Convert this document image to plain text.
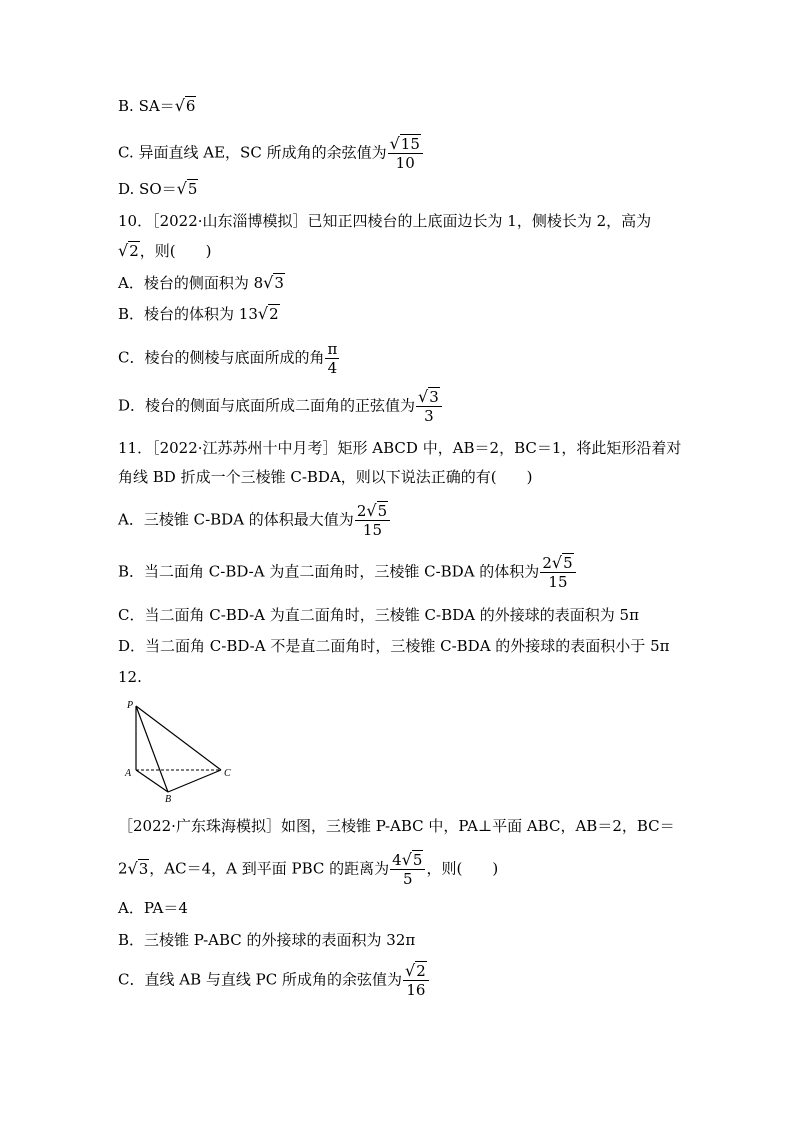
B. SA＝√6
C. 异面直线 AE，SC 所成角的余弦值为 $\frac{√15}{10}$
D. SO＝√5
10．［2022·山东淄博模拟］已知正四棱台的上底面边长为 1，侧棱长为 2，高为
√2，则(　　)
A．棱台的侧面积为 8√3
B．棱台的体积为 13√2
C．棱台的侧棱与底面所成的角 $\frac{\pi}{4}$
D．棱台的侧面与底面所成二面角的正弦值为 $\frac{√3}{3}$
11．［2022·江苏苏州十中月考］矩形 ABCD 中，AB＝2，BC＝1，将此矩形沿着对
角线 BD 折成一个三棱锥 C-BDA，则以下说法正确的有(　　)
A．三棱锥 C-BDA 的体积最大值为 $\frac{2√5}{15}$
B．当二面角 C-BD-A 为直二面角时，三棱锥 C-BDA 的体积为 $\frac{2√5}{15}$
C．当二面角 C-BD-A 为直二面角时，三棱锥 C-BDA 的外接球的表面积为 5π
D．当二面角 C-BD-A 不是直二面角时，三棱锥 C-BDA 的外接球的表面积小于 5π
12.
P
A
B
C
［2022·广东珠海模拟］如图，三棱锥 P-ABC 中，PA⊥平面 ABC，AB＝2，BC＝
2√3，AC＝4，A 到平面 PBC 的距离为 $\frac{4√5}{5}$ ，则(　　)
A．PA＝4
B．三棱锥 P-ABC 的外接球的表面积为 32π
C．直线 AB 与直线 PC 所成角的余弦值为 $\frac{√2}{16}$
